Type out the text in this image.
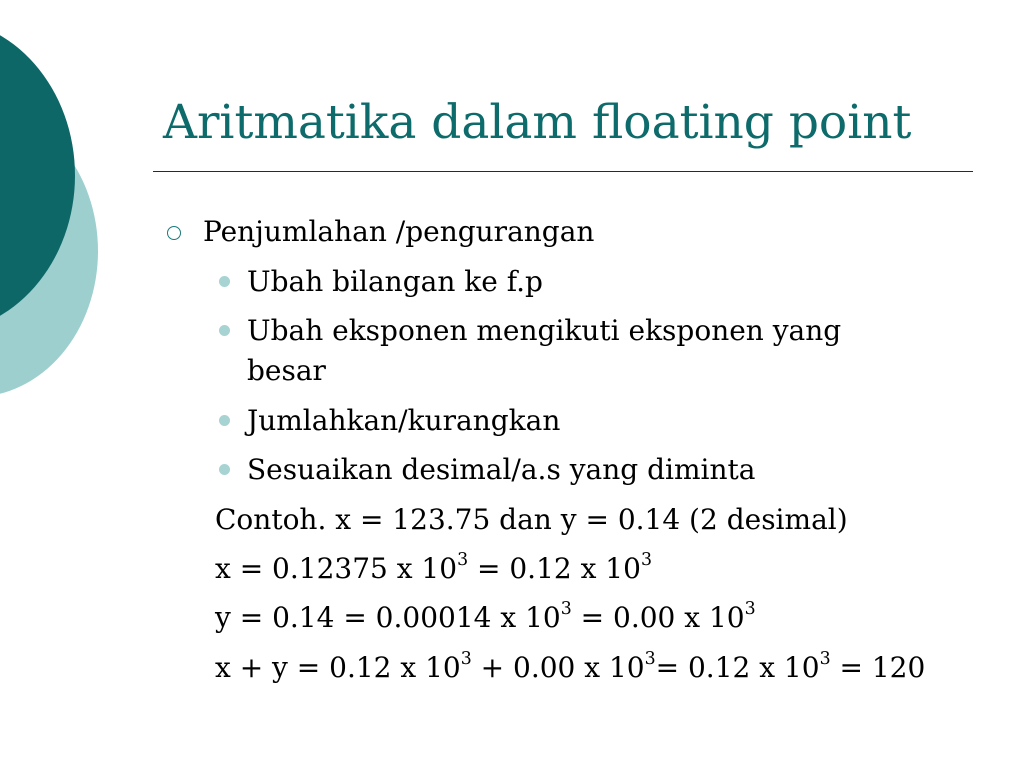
Aritmatika dalam floating point
Penjumlahan /pengurangan
Ubah bilangan ke f.p
Ubah eksponen mengikuti eksponen yang
besar
Jumlahkan/kurangkan
Sesuaikan desimal/a.s yang diminta
Contoh. x = 123.75 dan y = 0.14 (2 desimal)
x = 0.12375 x $10^3 = 0.12$ x $10^3$
y = 0.14 = 0.00014 x $10^3 = 0.00$ x $10^3$
x + y = 0.12 x $10^3 + 0.00$ x $10^3= 0.12$ x $10^3 = 120$
